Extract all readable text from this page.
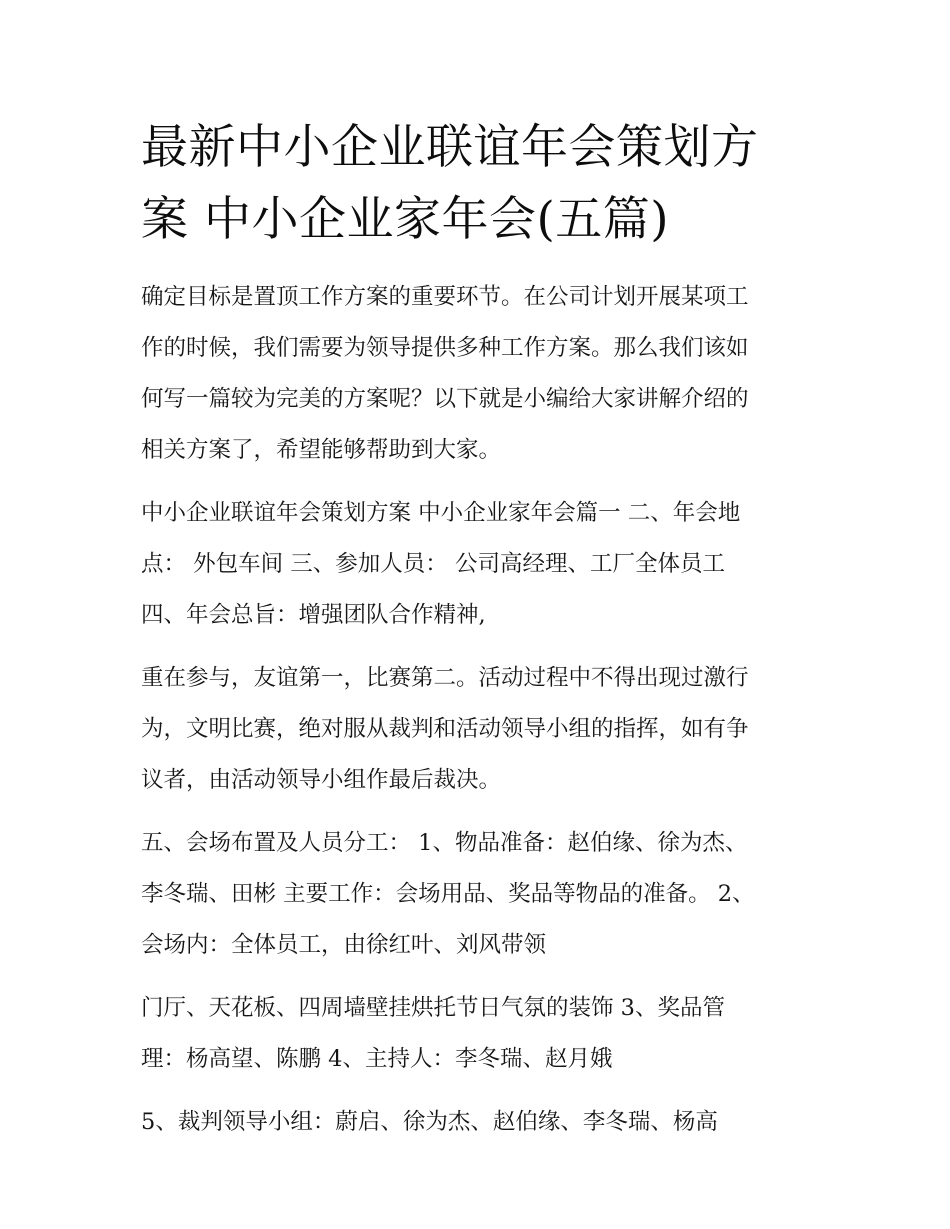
最新中小企业联谊年会策划方
案 中小企业家年会(五篇)

确定目标是置顶工作方案的重要环节。在公司计划开展某项工
作的时候，我们需要为领导提供多种工作方案。那么我们该如
何写一篇较为完美的方案呢？以下就是小编给大家讲解介绍的
相关方案了，希望能够帮助到大家。

中小企业联谊年会策划方案 中小企业家年会篇一 二、年会地
点： 外包车间 三、参加人员： 公司高经理、工厂全体员工
四、年会总旨：增强团队合作精神,

重在参与，友谊第一，比赛第二。活动过程中不得出现过激行
为，文明比赛，绝对服从裁判和活动领导小组的指挥，如有争
议者，由活动领导小组作最后裁决。

五、会场布置及人员分工： 1、物品准备：赵伯缘、徐为杰、
李冬瑞、田彬 主要工作：会场用品、奖品等物品的准备。 2、
会场内：全体员工，由徐红叶、刘风带领

门厅、天花板、四周墙壁挂烘托节日气氛的装饰 3、奖品管
理：杨高望、陈鹏 4、主持人：李冬瑞、赵月娥

5、裁判领导小组：蔚启、徐为杰、赵伯缘、李冬瑞、杨高
